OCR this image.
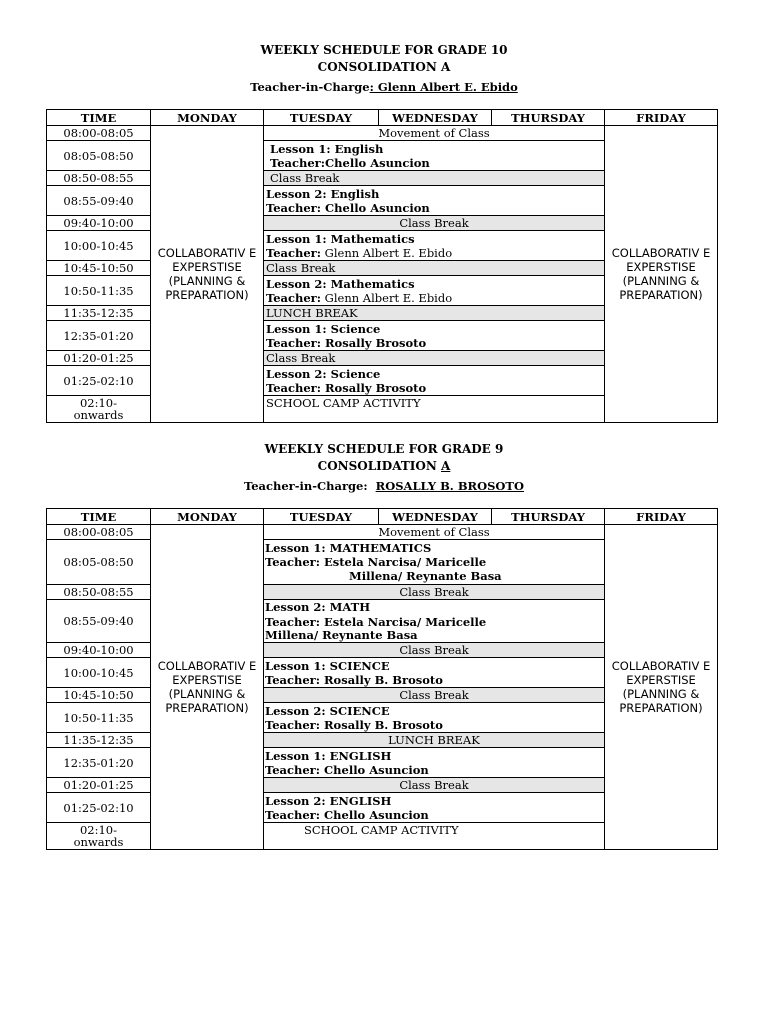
WEEKLY SCHEDULE FOR GRADE 10
CONSOLIDATION A
Teacher-in-Charge: Glenn Albert E. Ebido
TIME	MONDAY	TUESDAY	WEDNESDAY	THURSDAY	FRIDAY
08:00-08:05	COLLABORATIV E EXPERSTISE (PLANNING & PREPARATION)	Movement of Class			COLLABORATIV E EXPERSTISE (PLANNING & PREPARATION)
08:05-08:50		Lesson 1: English
Teacher:Chello Asuncion			

08:50-08:55		Class Break			
08:55-09:40		Lesson 2: English
Teacher: Chello Asuncion			

09:40-10:00		Class Break			
10:00-10:45		Lesson 1: Mathematics
Teacher: Glenn Albert E. Ebido			

10:45-10:50		Class Break			
10:50-11:35		Lesson 2: Mathematics
Teacher: Glenn Albert E. Ebido			

11:35-12:35		LUNCH BREAK			
12:35-01:20		Lesson 1: Science
Teacher: Rosally Brosoto			

01:20-01:25		Class Break			
01:25-02:10		Lesson 2: Science
Teacher: Rosally Brosoto			

02:10-
onwards		SCHOOL CAMP ACTIVITY			
WEEKLY SCHEDULE FOR GRADE 9
CONSOLIDATION A
Teacher-in-Charge: ROSALLY B. BROSOTO
TIME	MONDAY	TUESDAY	WEDNESDAY	THURSDAY	FRIDAY
08:00-08:05	COLLABORATIV E EXPERSTISE (PLANNING & PREPARATION)	Movement of Class			COLLABORATIV E EXPERSTISE (PLANNING & PREPARATION)
08:05-08:50		Lesson 1: MATHEMATICS
Teacher: Estela Narcisa/ Maricelle
Millena/ Reynante Basa			

08:50-08:55		Class Break			
08:55-09:40		Lesson 2: MATH
Teacher: Estela Narcisa/ Maricelle
Millena/ Reynante Basa			

09:40-10:00		Class Break			
10:00-10:45		Lesson 1: SCIENCE
Teacher: Rosally B. Brosoto			

10:45-10:50		Class Break			
10:50-11:35		Lesson 2: SCIENCE
Teacher: Rosally B. Brosoto			

11:35-12:35		LUNCH BREAK			
12:35-01:20		Lesson 1: ENGLISH
Teacher: Chello Asuncion			

01:20-01:25		Class Break			
01:25-02:10		Lesson 2: ENGLISH
Teacher: Chello Asuncion			

02:10-
onwards		SCHOOL CAMP ACTIVITY			
